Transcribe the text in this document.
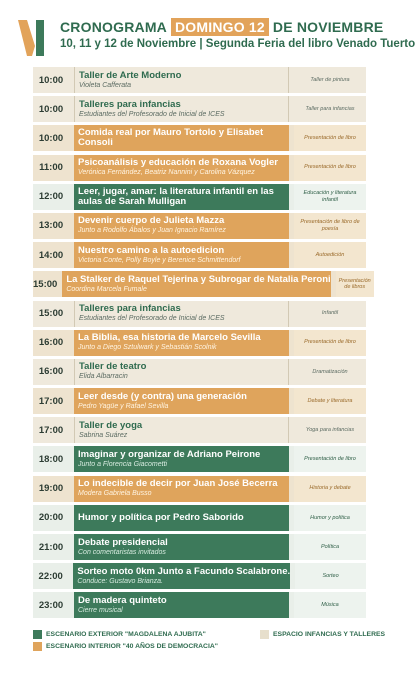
CRONOGRAMA DOMINGO 12 DE NOVIEMBRE
10, 11 y 12 de Noviembre | Segunda Feria del libro Venado Tuerto
10:00	Taller de Arte Moderno
Violeta Cafferata
Taller de pintura
10:00	Talleres para infancias
Estudiantes del Profesorado de Inicial de ICES
Taller para infancias
10:00	Comida real por Mauro Tortolo y Elisabet Consoli	Presentación de libro
11:00	Psicoanálisis y educación de Roxana Vogler
Verónica Fernández, Beatriz Nannini y Carolina Vázquez
Presentación de libro
12:00	Leer, jugar, amar: la literatura infantil en las aulas de Sarah Mulligan
Educación y literatura infantil
13:00	Devenir cuerpo de Julieta Mazza
Junto a Rodolfo Ábalos y Juan Ignacio Ramírez
Presentación de libro de poesía
14:00	Nuestro camino a la autoedicion
Victoria Conte, Polly Boyle y Berenice Schmittendorf
Autoedición
15:00 La Stalker de Raquel Tejerina y Subrogar de Natalia Peroni
Coordina Marcela Fumale
Presentación de libros
15:00	Talleres para infancias
Estudiantes del Profesorado de Inicial de ICES
Infantil
16:00	La Biblia, esa historia de Marcelo Sevilla
Junto a Diego Sztulwark y Sebastián Scolnik
Presentación de libro
16:00	Taller de teatro
Elida Albarracin
Dramatización
17:00	Leer desde (y contra) una generación
Pedro Yagüe y Rafael Sevilla
Debate y literatura
17:00	Taller de yoga
Sabrina Suárez
Yoga para infancias
18:00	Imaginar y organizar de Adriano Peirone
Junto a Florencia Giacometti
Presentación de libro
19:00	Lo indecible de decir por Juan José Becerra
Modera Gabriela Busso
Historia y debate
20:00	Humor y política por Pedro Saborido	Humor y política
21:00	Debate presidencial
Con comentaristas invitados
Política
22:00	Sorteo moto 0km Junto a Facundo Scalabrone.
Conduce: Gustavo Brianza.
Sorteo
23:00	De madera quinteto
Cierre musical
Música
ESCENARIO EXTERIOR "MAGDALENA AJUBITA"
ESCENARIO INTERIOR "40 AÑOS DE DEMOCRACIA"
ESPACIO INFANCIAS Y TALLERES
